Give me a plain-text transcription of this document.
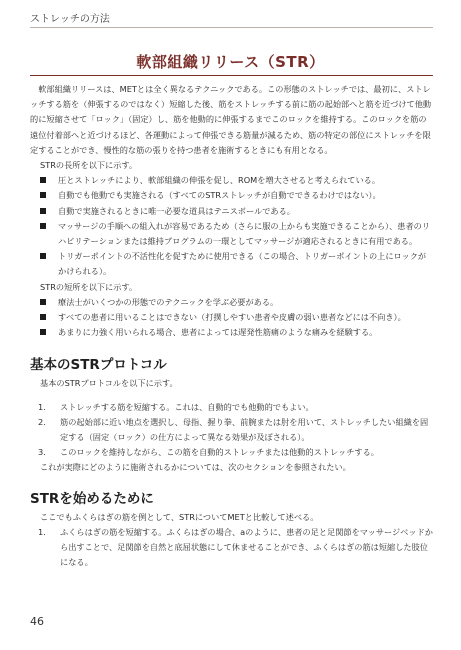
ストレッチの方法
軟部組織リリース（STR）

軟部組織リリースは、METとは全く異なるテクニックである。この形態のストレッチでは、最初に、ストレッチする筋を（伸張するのではなく）短縮した後、筋をストレッチする前に筋の起始部へと筋を近づけて他動的に短縮させて「ロック」（固定）し、筋を他動的に伸張するまでこのロックを維持する。このロックを筋の遠位付着部へと近づけるほど、各運動によって伸張できる筋量が減るため、筋の特定の部位にストレッチを限定することができ、慢性的な筋の張りを持つ患者を施術するときにも有用となる。

STRの長所を以下に示す。

圧とストレッチにより、軟部組織の伸張を促し、ROMを増大させると考えられている。
自動でも他動でも実施される（すべてのSTRストレッチが自動でできるわけではない）。
自動で実施されるときに唯一必要な道具はテニスボールである。
マッサージの手順への組入れが容易であるため（さらに服の上からも実施できることから）、患者のリハビリテーションまたは維持プログラムの一環としてマッサージが適応されるときに有用である。
トリガーポイントの不活性化を促すために使用できる（この場合、トリガーポイントの上にロックがかけられる）。

STRの短所を以下に示す。

療法士がいくつかの形態でのテクニックを学ぶ必要がある。
すべての患者に用いることはできない（打撲しやすい患者や皮膚の弱い患者などには不向き）。
あまりに力強く用いられる場合、患者によっては遅発性筋痛のような痛みを経験する。
基本のSTRプロトコル

基本のSTRプロトコルを以下に示す。

1. ストレッチする筋を短縮する。これは、自動的でも他動的でもよい。
2. 筋の起始部に近い地点を選択し、母指、握り拳、前腕または肘を用いて、ストレッチしたい組織を固定する（固定（ロック）の仕方によって異なる効果が及ぼされる）。
3. このロックを維持しながら、この筋を自動的ストレッチまたは他動的ストレッチする。

これが実際にどのように施術されるかについては、次のセクションを参照されたい。

STRを始めるために

ここでもふくらはぎの筋を例として、STRについてMETと比較して述べる。

1. ふくらはぎの筋を短縮する。ふくらはぎの場合、aのように、患者の足と足関節をマッサージベッドから出すことで、足関節を自然と底屈状態にして休ませることができ、ふくらはぎの筋は短縮した肢位になる。
46
